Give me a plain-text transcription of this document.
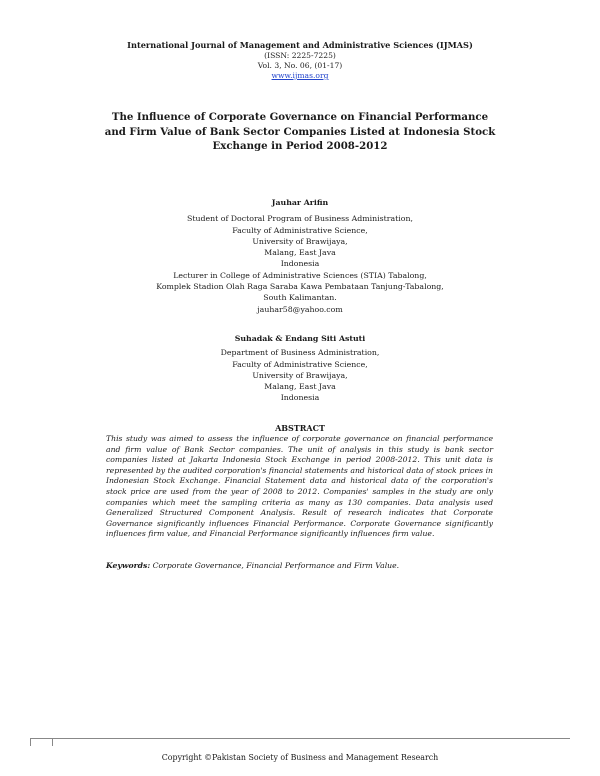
International Journal of Management and Administrative Sciences (IJMAS)
(ISSN: 2225-7225)
Vol. 3, No. 06, (01-17)
www.ijmas.org
The Influence of Corporate Governance on Financial Performance and Firm Value of Bank Sector Companies Listed at Indonesia Stock Exchange in Period 2008-2012
Jauhar Arifin
Student of Doctoral Program of Business Administration,
Faculty of Administrative Science,
University of Brawijaya,
Malang, East Java
Indonesia
Lecturer in College of Administrative Sciences (STIA) Tabalong,
Komplek Stadion Olah Raga Saraba Kawa Pembataan Tanjung-Tabalong,
South Kalimantan.
jauhar58@yahoo.com
Suhadak & Endang Siti Astuti
Department of Business Administration,
Faculty of Administrative Science,
University of Brawijaya,
Malang, East Java
Indonesia
ABSTRACT
This study was aimed to assess the influence of corporate governance on financial performance and firm value of Bank Sector companies. The unit of analysis in this study is bank sector companies listed at Jakarta Indonesia Stock Exchange in period 2008-2012. This unit data is represented by the audited corporation's financial statements and historical data of stock prices in Indonesian Stock Exchange. Financial Statement data and historical data of the corporation's stock price are used from the year of 2008 to 2012. Companies' samples in the study are only companies which meet the sampling criteria as many as 130 companies. Data analysis used Generalized Structured Component Analysis. Result of research indicates that Corporate Governance significantly influences Financial Performance. Corporate Governance significantly influences firm value, and Financial Performance significantly influences firm value.
Keywords: Corporate Governance, Financial Performance and Firm Value.
Copyright ©Pakistan Society of Business and Management Research
